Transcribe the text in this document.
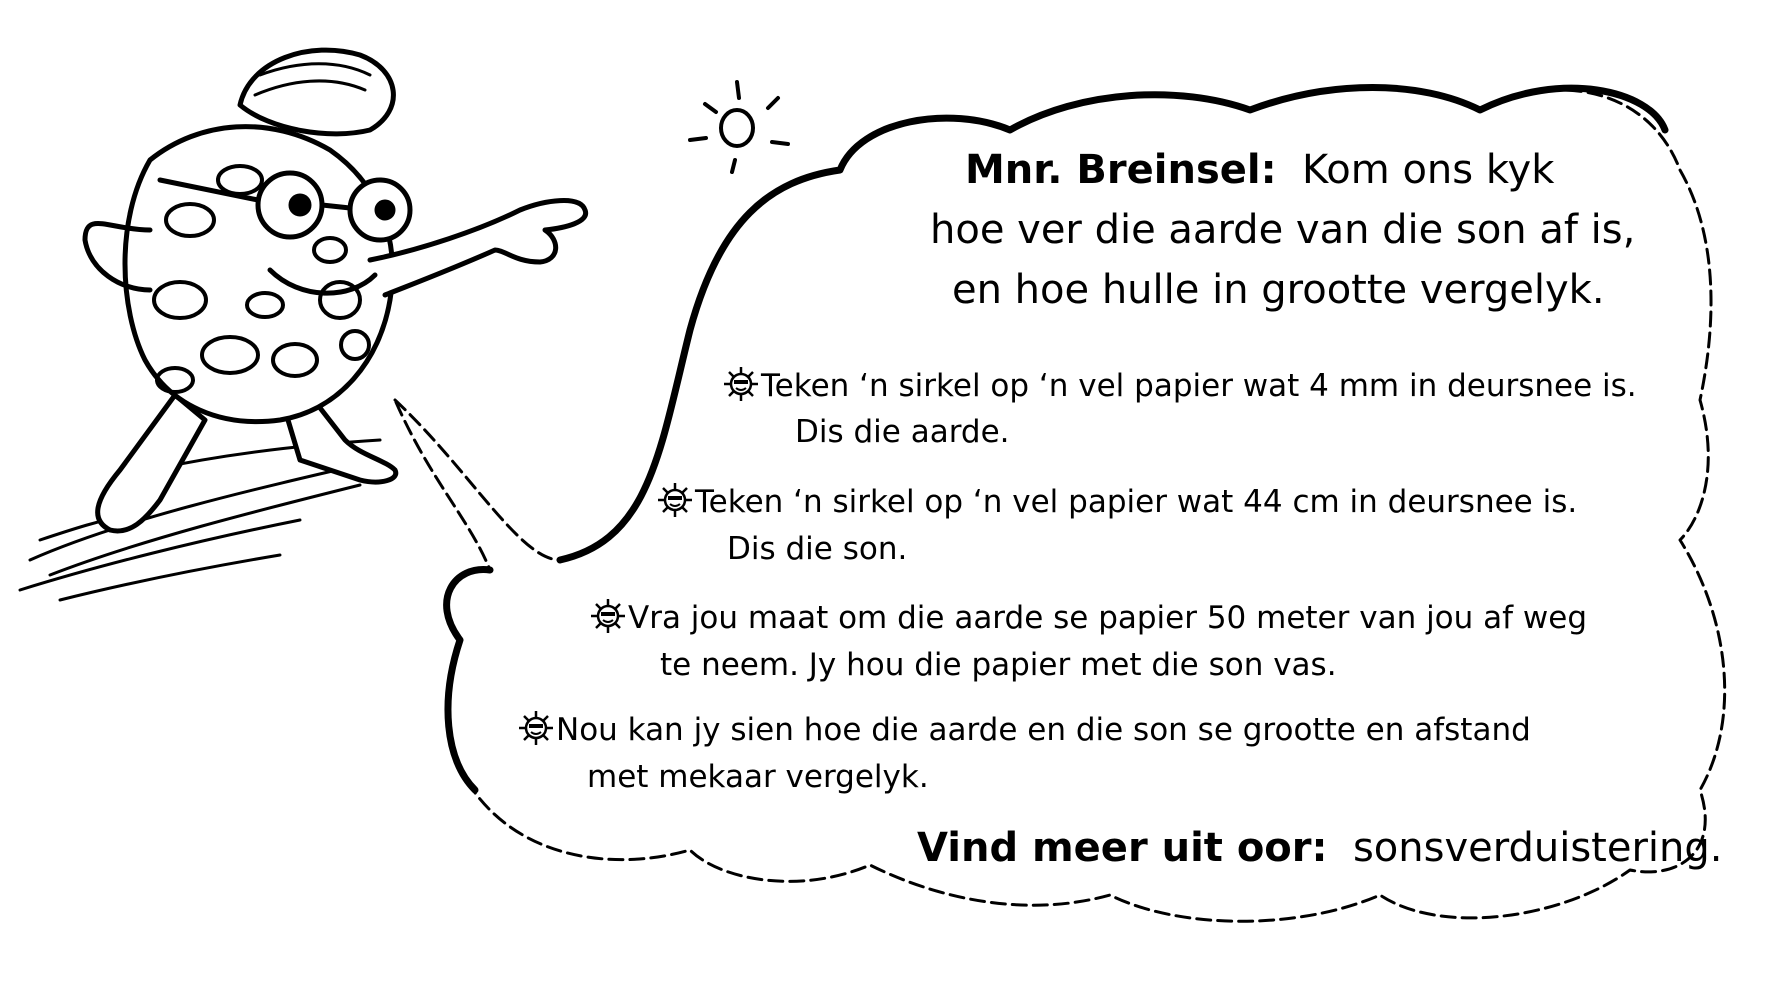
Mnr. Breinsel: Kom ons kyk
hoe ver die aarde van die son af is,
en hoe hulle in grootte vergelyk.
Teken ‘n sirkel op ‘n vel papier wat 4 mm in deursnee is.
Dis die aarde.
Teken ‘n sirkel op ‘n vel papier wat 44 cm in deursnee is.
Dis die son.
Vra jou maat om die aarde se papier 50 meter van jou af weg
te neem. Jy hou die papier met die son vas.
Nou kan jy sien hoe die aarde en die son se grootte en afstand
met mekaar vergelyk.
Vind meer uit oor: sonsverduistering.
